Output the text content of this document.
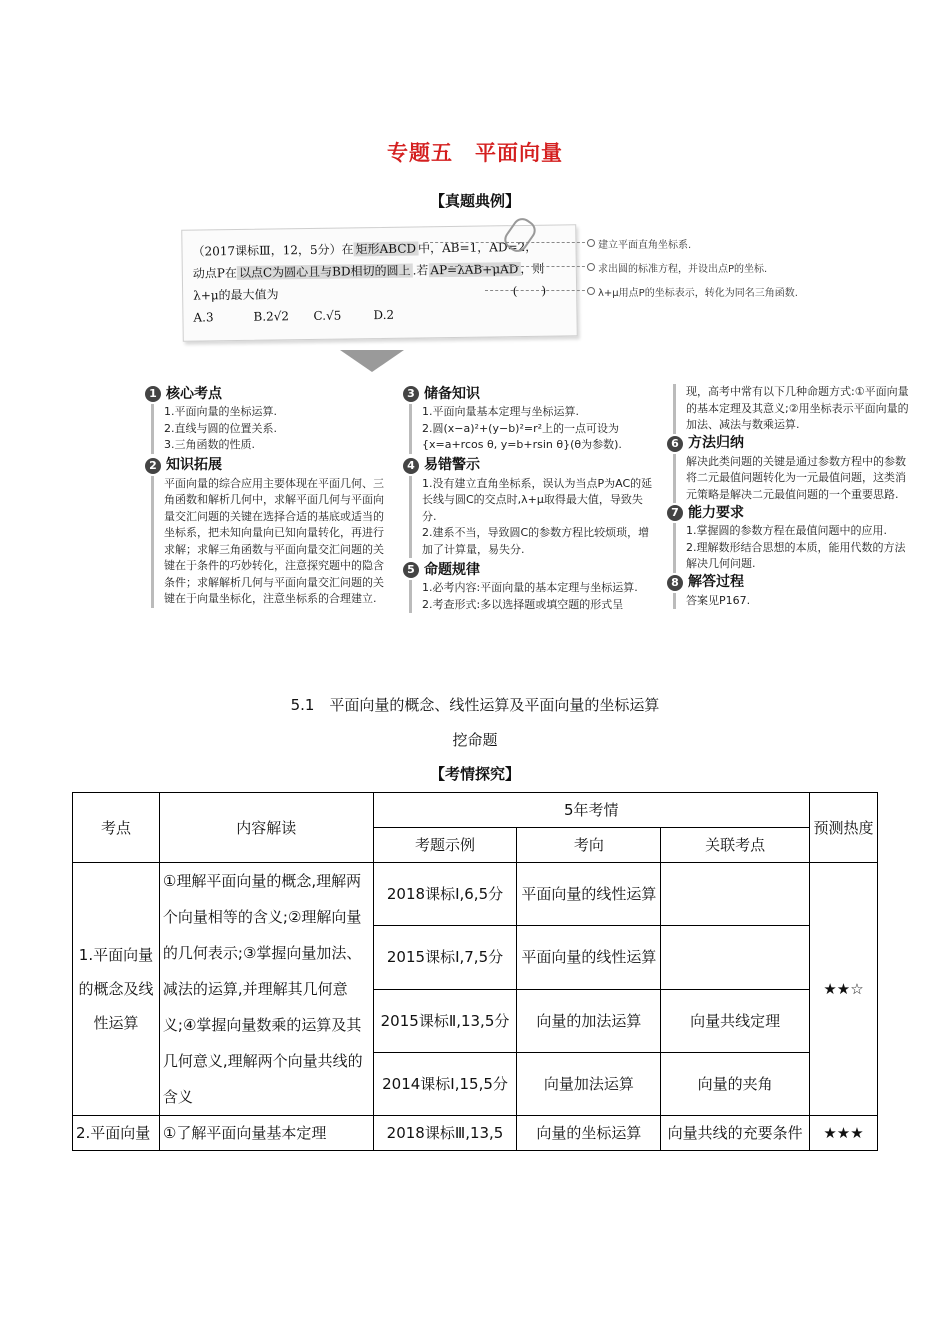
专题五　平面向量
【真题典例】
（2017课标Ⅲ，12，5分）在 矩形ABCD 中，AB=1，AD=2，
动点P在 以点C为圆心且与BD相切的圆上 .若 AP=λAB+μAD ，则
λ+μ的最大值为	(　　)
A.3	B.2√2 C.√5	D.2
建立平面直角坐标系.
求出圆的标准方程，并设出点P的坐标.
λ+μ用点P的坐标表示，转化为同名三角函数.
1 核心考点

1.平面向量的坐标运算.

2.直线与圆的位置关系.

3.三角函数的性质.

2 知识拓展

平面向量的综合应用主要体现在平面几何、三角函数和解析几何中，求解平面几何与平面向量交汇问题的关键在选择合适的基底或适当的坐标系，把未知向量向已知向量转化，再进行求解；求解三角函数与平面向量交汇问题的关键在于条件的巧妙转化，注意探究题中的隐含条件；求解解析几何与平面向量交汇问题的关键在于向量坐标化，注意坐标系的合理建立.

3 储备知识

1.平面向量基本定理与坐标运算.

2.圆(x−a)²+(y−b)²=r²上的一点可设为

{x=a+rcos θ, y=b+rsin θ}(θ为参数).

4 易错警示

1.没有建立直角坐标系，误认为当点P为AC的延长线与圆C的交点时,λ+μ取得最大值，导致失分.

2.建系不当，导致圆C的参数方程比较烦琐，增加了计算量，易失分.

5 命题规律

1.必考内容:平面向量的基本定理与坐标运算.

2.考查形式:多以选择题或填空题的形式呈

现，高考中常有以下几种命题方式:①平面向量的基本定理及其意义;②用坐标表示平面向量的加法、减法与数乘运算.

6 方法归纳

解决此类问题的关键是通过参数方程中的参数将二元最值问题转化为一元最值问题，这类消元策略是解决二元最值问题的一个重要思路.

7 能力要求

1.掌握圆的参数方程在最值问题中的应用.

2.理解数形结合思想的本质，能用代数的方法解决几何问题.

8 解答过程

答案见P167.

5.1　平面向量的概念、线性运算及平面向量的坐标运算
挖命题
【考情探究】
考点	内容解读	5年考情			预测热度
		考题示例	考向	关联考点	
1.平面向量的概念及线性运算	①理解平面向量的概念,理解两个向量相等的含义;②理解向量的几何表示;③掌握向量加法、减法的运算,并理解其几何意义;④掌握向量数乘的运算及其几何意义,理解两个向量共线的含义	2018课标Ⅰ,6,5分	平面向量的线性运算		★★☆
		2015课标Ⅰ,7,5分	平面向量的线性运算		
		2015课标Ⅱ,13,5分	向量的加法运算	向量共线定理	
		2014课标Ⅰ,15,5分	向量加法运算	向量的夹角	
2.平面向量	①了解平面向量基本定理	2018课标Ⅲ,13,5	向量的坐标运算	向量共线的充要条件	★★★
